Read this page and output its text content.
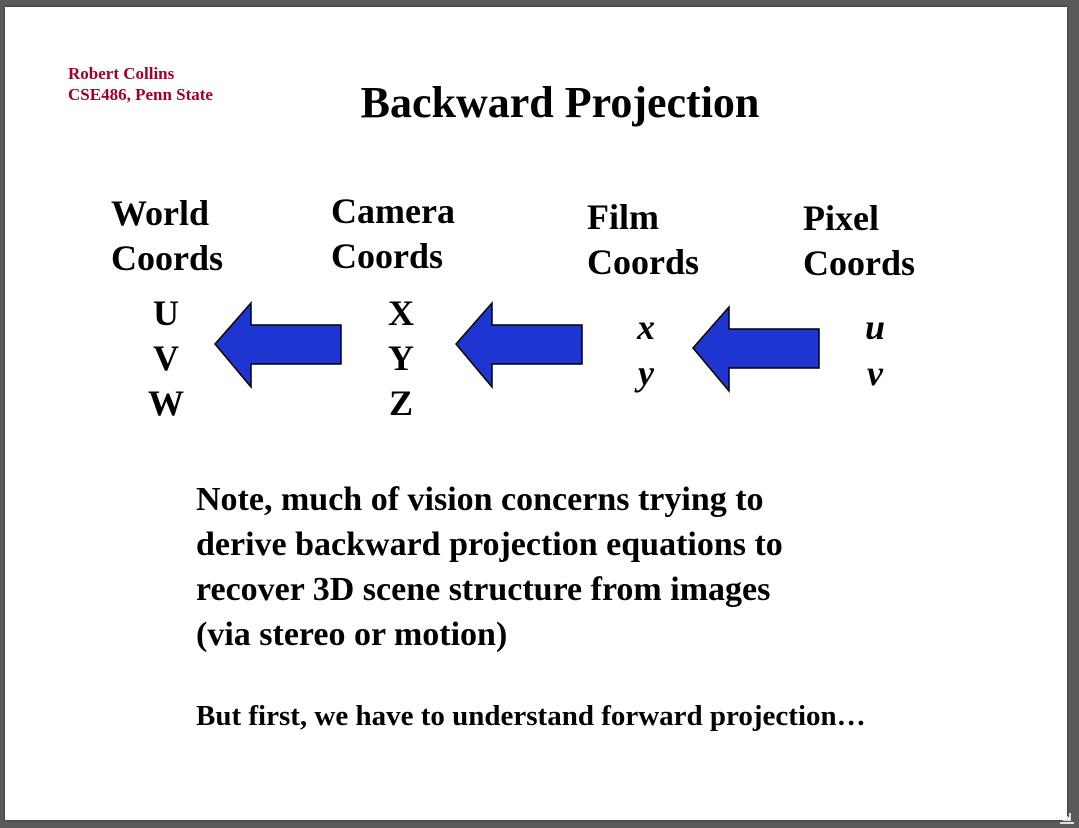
Robert Collins
CSE486, Penn State	Backward Projection
World
Coords
U
V
W
Camera
Coords
X
Y
Z
Film
Coords
x
y
Pixel
Coords
u
v
Note, much of vision concerns trying to
derive backward projection equations to
recover 3D scene structure from images
(via stereo or motion)
But first, we have to understand forward projection…
